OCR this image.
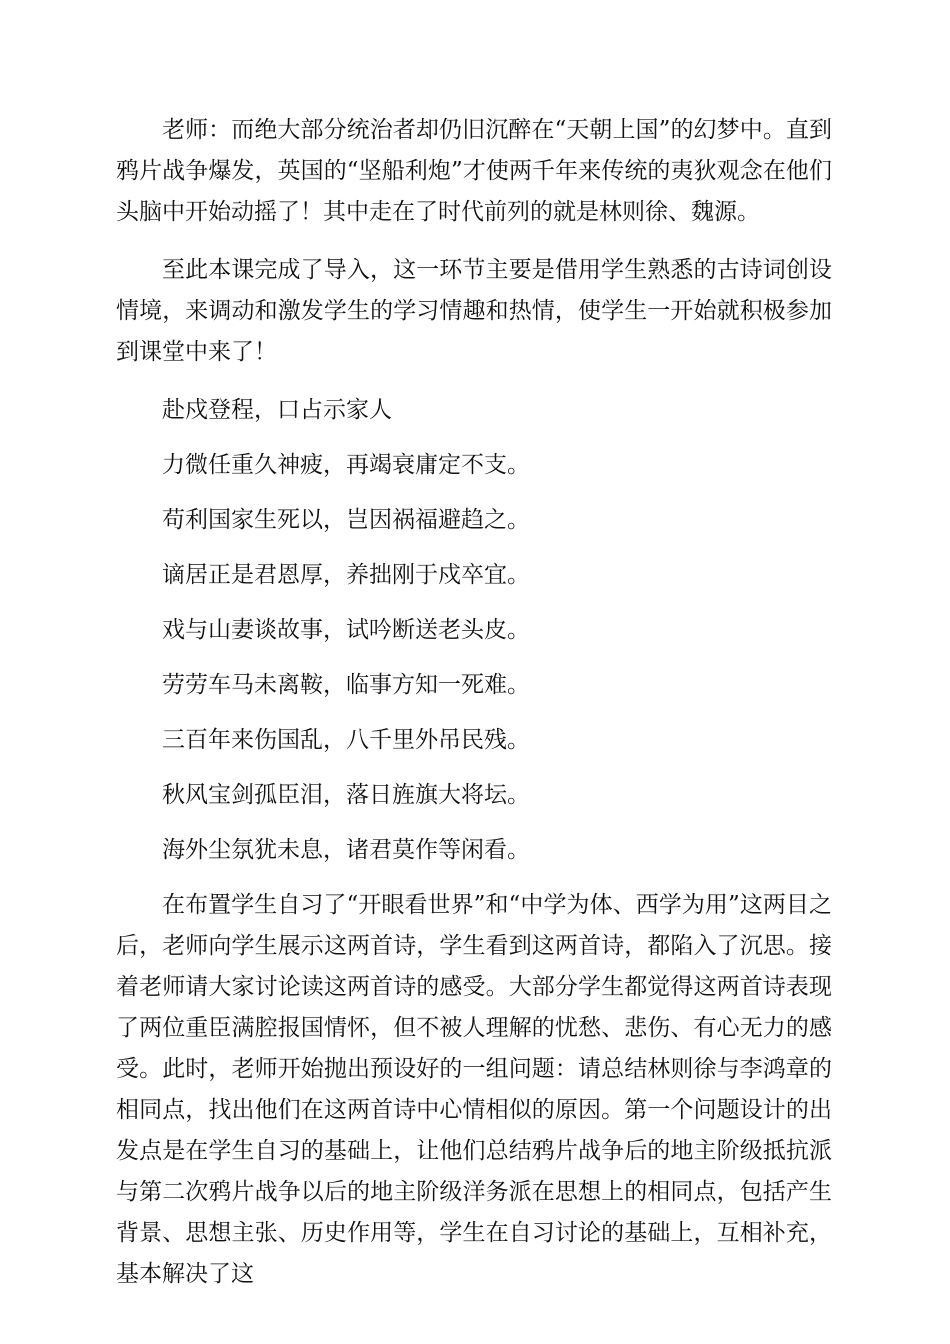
老师：而绝大部分统治者却仍旧沉醉在“天朝上国”的幻梦中。直到鸦片战争爆发，英国的“坚船利炮”才使两千年来传统的夷狄观念在他们头脑中开始动摇了！其中走在了时代前列的就是林则徐、魏源。

至此本课完成了导入，这一环节主要是借用学生熟悉的古诗词创设情境，来调动和激发学生的学习情趣和热情，使学生一开始就积极参加到课堂中来了！

赴戍登程，口占示家人

力微任重久神疲，再竭衰庸定不支。

苟利国家生死以，岂因祸福避趋之。

谪居正是君恩厚，养拙刚于戍卒宜。

戏与山妻谈故事，试吟断送老头皮。

劳劳车马未离鞍，临事方知一死难。

三百年来伤国乱，八千里外吊民残。

秋风宝剑孤臣泪，落日旌旗大将坛。

海外尘氛犹未息，诸君莫作等闲看。

在布置学生自习了“开眼看世界”和“中学为体、西学为用”这两目之后，老师向学生展示这两首诗，学生看到这两首诗，都陷入了沉思。接着老师请大家讨论读这两首诗的感受。大部分学生都觉得这两首诗表现了两位重臣满腔报国情怀，但不被人理解的忧愁、悲伤、有心无力的感受。此时，老师开始抛出预设好的一组问题：请总结林则徐与李鸿章的相同点，找出他们在这两首诗中心情相似的原因。第一个问题设计的出发点是在学生自习的基础上，让他们总结鸦片战争后的地主阶级抵抗派与第二次鸦片战争以后的地主阶级洋务派在思想上的相同点，包括产生背景、思想主张、历史作用等，学生在自习讨论的基础上，互相补充，基本解决了这
